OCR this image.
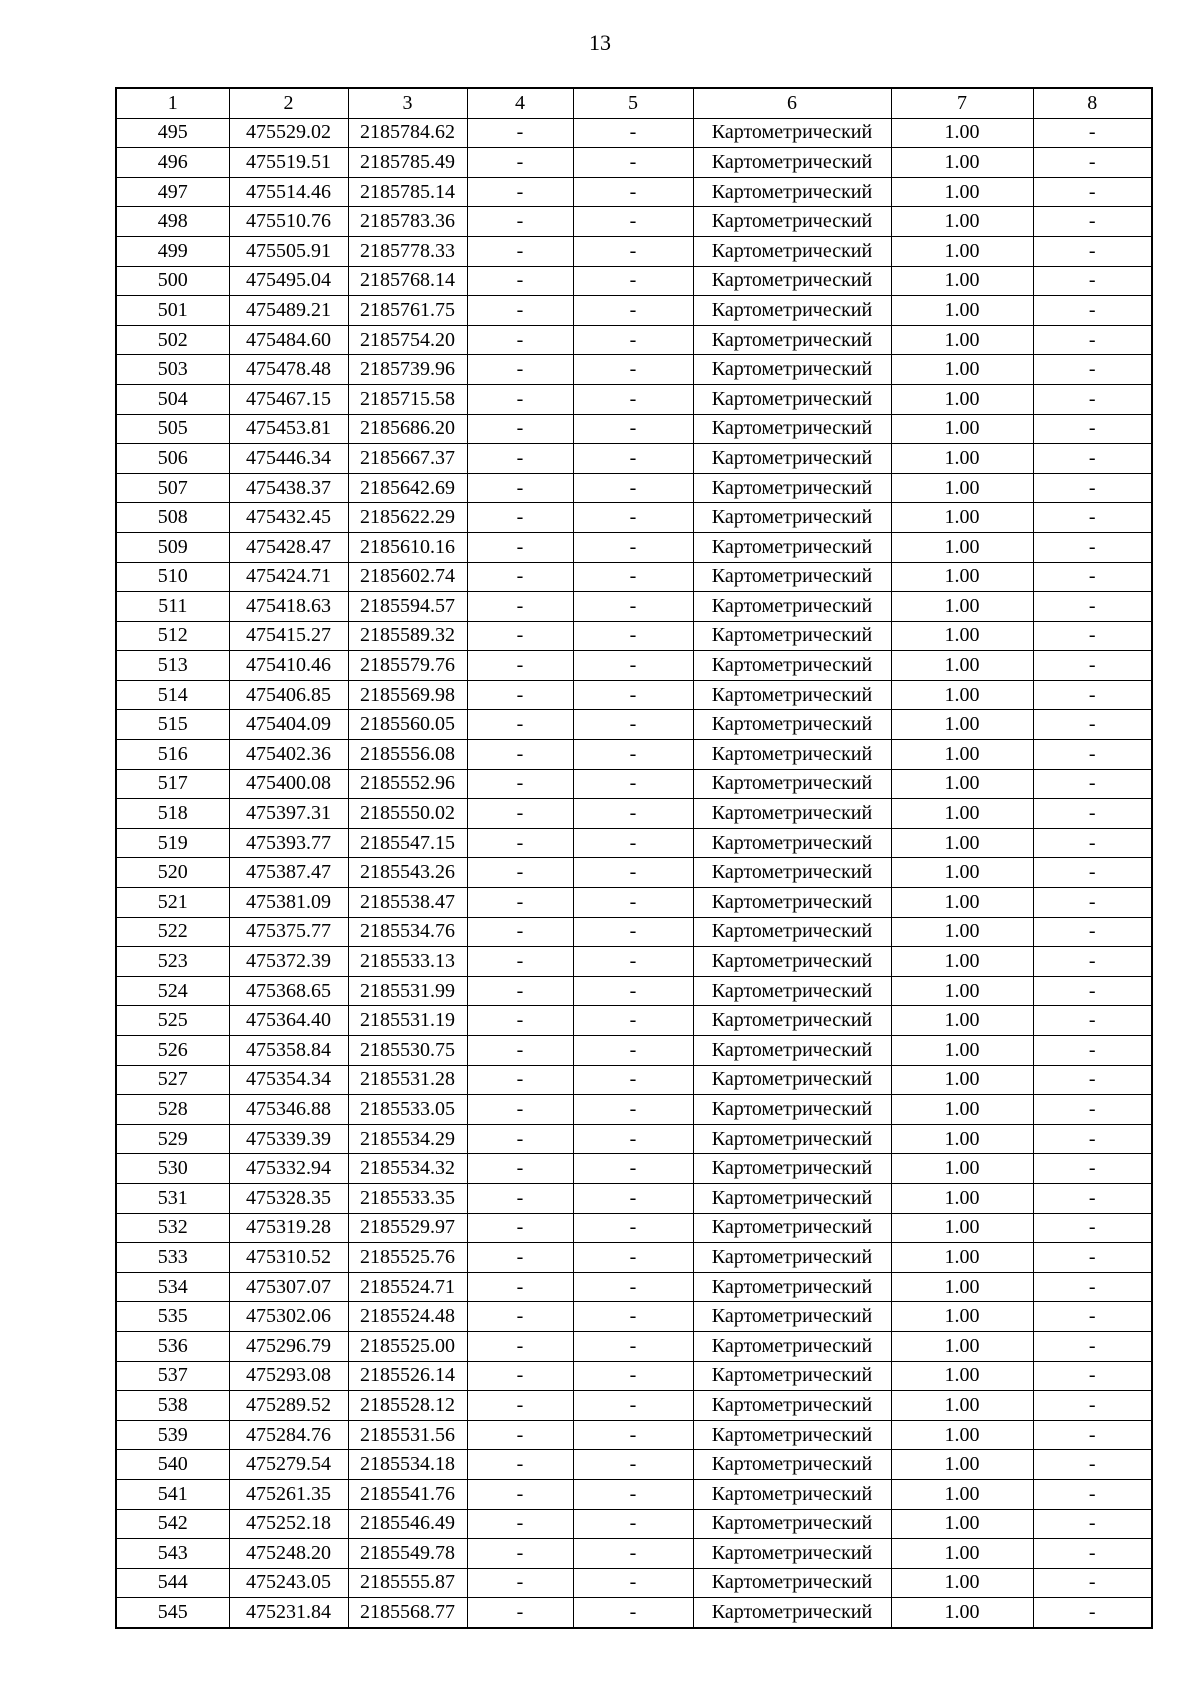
13
1	2	3	4	5	6	7	8
495	475529.02	2185784.62	-	-	Картометрический	1.00	-
496	475519.51	2185785.49	-	-	Картометрический	1.00	-
497	475514.46	2185785.14	-	-	Картометрический	1.00	-
498	475510.76	2185783.36	-	-	Картометрический	1.00	-
499	475505.91	2185778.33	-	-	Картометрический	1.00	-
500	475495.04	2185768.14	-	-	Картометрический	1.00	-
501	475489.21	2185761.75	-	-	Картометрический	1.00	-
502	475484.60	2185754.20	-	-	Картометрический	1.00	-
503	475478.48	2185739.96	-	-	Картометрический	1.00	-
504	475467.15	2185715.58	-	-	Картометрический	1.00	-
505	475453.81	2185686.20	-	-	Картометрический	1.00	-
506	475446.34	2185667.37	-	-	Картометрический	1.00	-
507	475438.37	2185642.69	-	-	Картометрический	1.00	-
508	475432.45	2185622.29	-	-	Картометрический	1.00	-
509	475428.47	2185610.16	-	-	Картометрический	1.00	-
510	475424.71	2185602.74	-	-	Картометрический	1.00	-
511	475418.63	2185594.57	-	-	Картометрический	1.00	-
512	475415.27	2185589.32	-	-	Картометрический	1.00	-
513	475410.46	2185579.76	-	-	Картометрический	1.00	-
514	475406.85	2185569.98	-	-	Картометрический	1.00	-
515	475404.09	2185560.05	-	-	Картометрический	1.00	-
516	475402.36	2185556.08	-	-	Картометрический	1.00	-
517	475400.08	2185552.96	-	-	Картометрический	1.00	-
518	475397.31	2185550.02	-	-	Картометрический	1.00	-
519	475393.77	2185547.15	-	-	Картометрический	1.00	-
520	475387.47	2185543.26	-	-	Картометрический	1.00	-
521	475381.09	2185538.47	-	-	Картометрический	1.00	-
522	475375.77	2185534.76	-	-	Картометрический	1.00	-
523	475372.39	2185533.13	-	-	Картометрический	1.00	-
524	475368.65	2185531.99	-	-	Картометрический	1.00	-
525	475364.40	2185531.19	-	-	Картометрический	1.00	-
526	475358.84	2185530.75	-	-	Картометрический	1.00	-
527	475354.34	2185531.28	-	-	Картометрический	1.00	-
528	475346.88	2185533.05	-	-	Картометрический	1.00	-
529	475339.39	2185534.29	-	-	Картометрический	1.00	-
530	475332.94	2185534.32	-	-	Картометрический	1.00	-
531	475328.35	2185533.35	-	-	Картометрический	1.00	-
532	475319.28	2185529.97	-	-	Картометрический	1.00	-
533	475310.52	2185525.76	-	-	Картометрический	1.00	-
534	475307.07	2185524.71	-	-	Картометрический	1.00	-
535	475302.06	2185524.48	-	-	Картометрический	1.00	-
536	475296.79	2185525.00	-	-	Картометрический	1.00	-
537	475293.08	2185526.14	-	-	Картометрический	1.00	-
538	475289.52	2185528.12	-	-	Картометрический	1.00	-
539	475284.76	2185531.56	-	-	Картометрический	1.00	-
540	475279.54	2185534.18	-	-	Картометрический	1.00	-
541	475261.35	2185541.76	-	-	Картометрический	1.00	-
542	475252.18	2185546.49	-	-	Картометрический	1.00	-
543	475248.20	2185549.78	-	-	Картометрический	1.00	-
544	475243.05	2185555.87	-	-	Картометрический	1.00	-
545	475231.84	2185568.77	-	-	Картометрический	1.00	-
